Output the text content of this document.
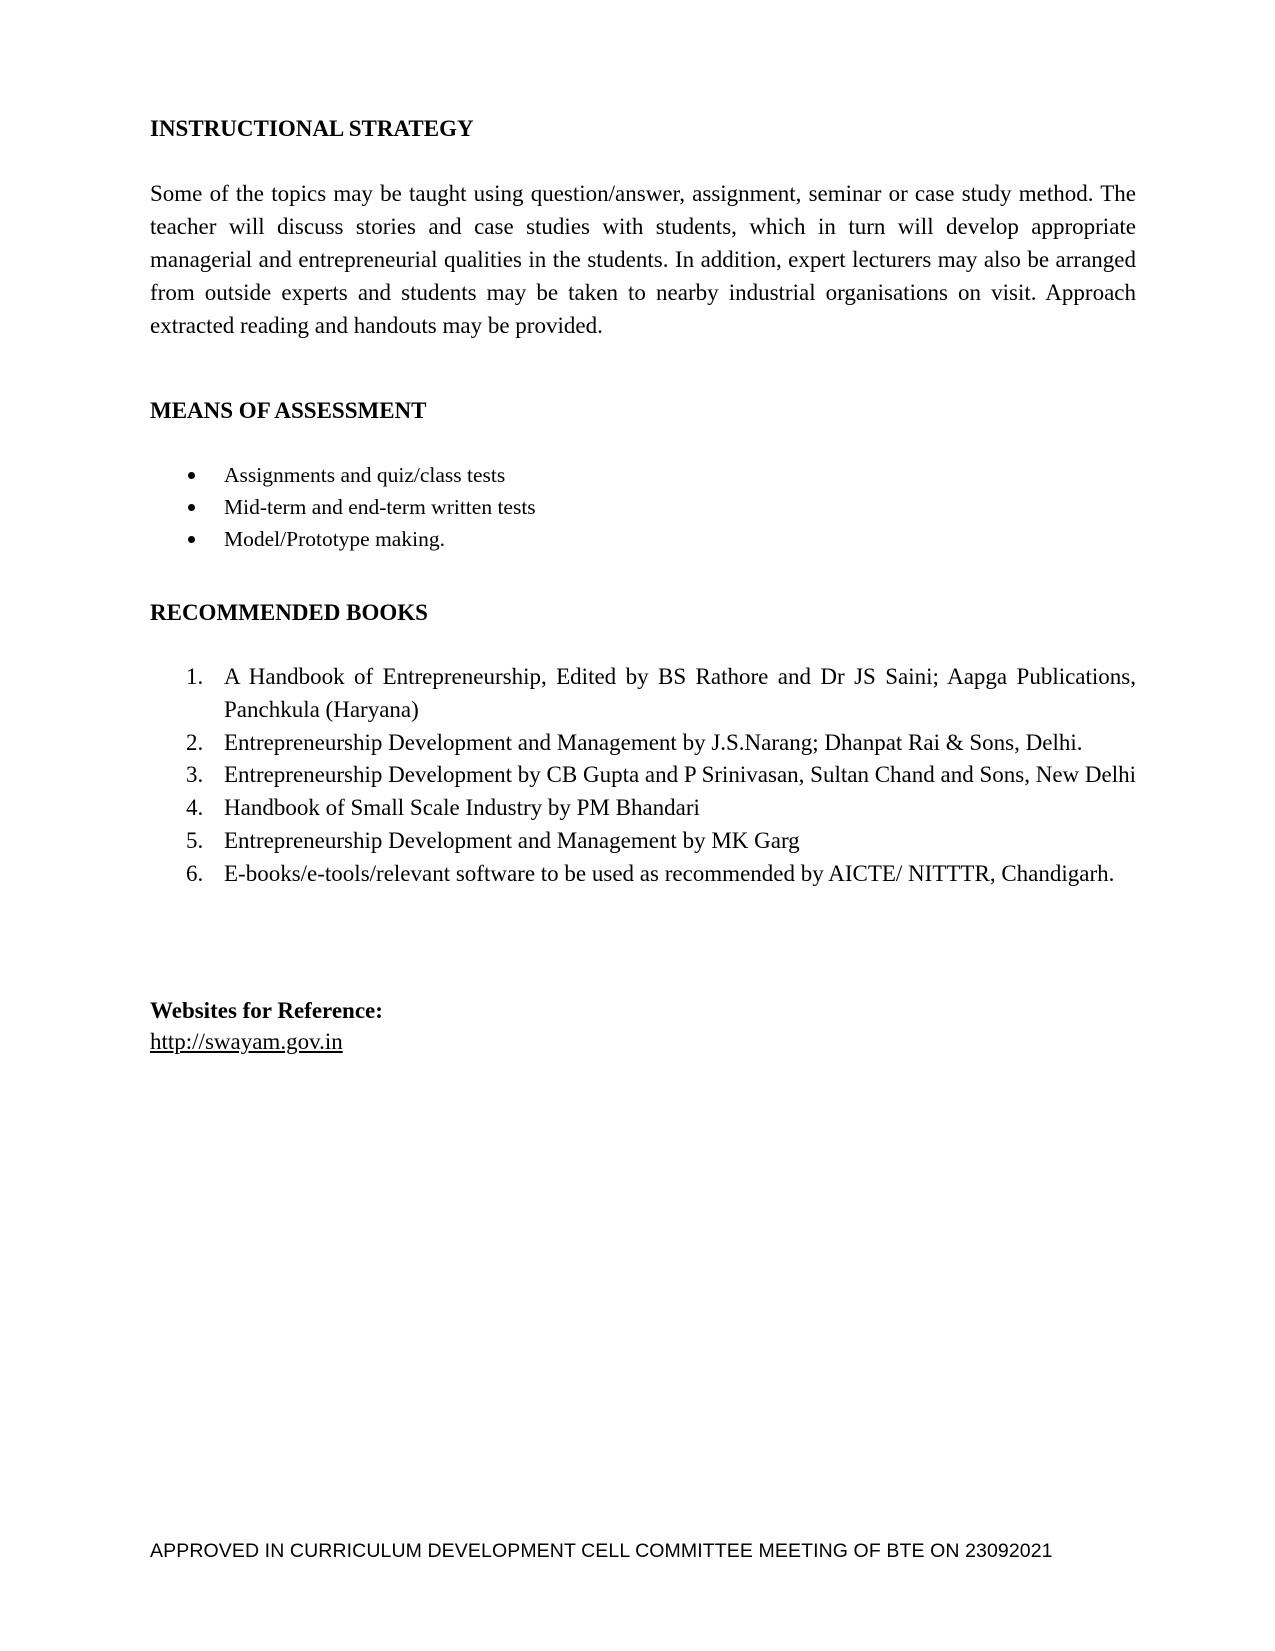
INSTRUCTIONAL STRATEGY

Some of the topics may be taught using question/answer, assignment, seminar or case study method. The teacher will discuss stories and case studies with students, which in turn will develop appropriate managerial and entrepreneurial qualities in the students. In addition, expert lecturers may also be arranged from outside experts and students may be taken to nearby industrial organisations on visit. Approach extracted reading and handouts may be provided.

MEANS OF ASSESSMENT
Assignments and quiz/class tests
Mid-term and end-term written tests
Model/Prototype making.
RECOMMENDED BOOKS
1. A Handbook of Entrepreneurship, Edited by BS Rathore and Dr JS Saini; Aapga Publications, Panchkula (Haryana)
2. Entrepreneurship Development and Management by J.S.Narang; Dhanpat Rai & Sons, Delhi.
3. Entrepreneurship Development by CB Gupta and P Srinivasan, Sultan Chand and Sons, New Delhi
4. Handbook of Small Scale Industry by PM Bhandari
5. Entrepreneurship Development and Management by MK Garg
6. E-books/e-tools/relevant software to be used as recommended by AICTE/ NITTTR, Chandigarh.
Websites for Reference:
http://swayam.gov.in
APPROVED IN CURRICULUM DEVELOPMENT CELL COMMITTEE MEETING OF BTE ON 23092021
